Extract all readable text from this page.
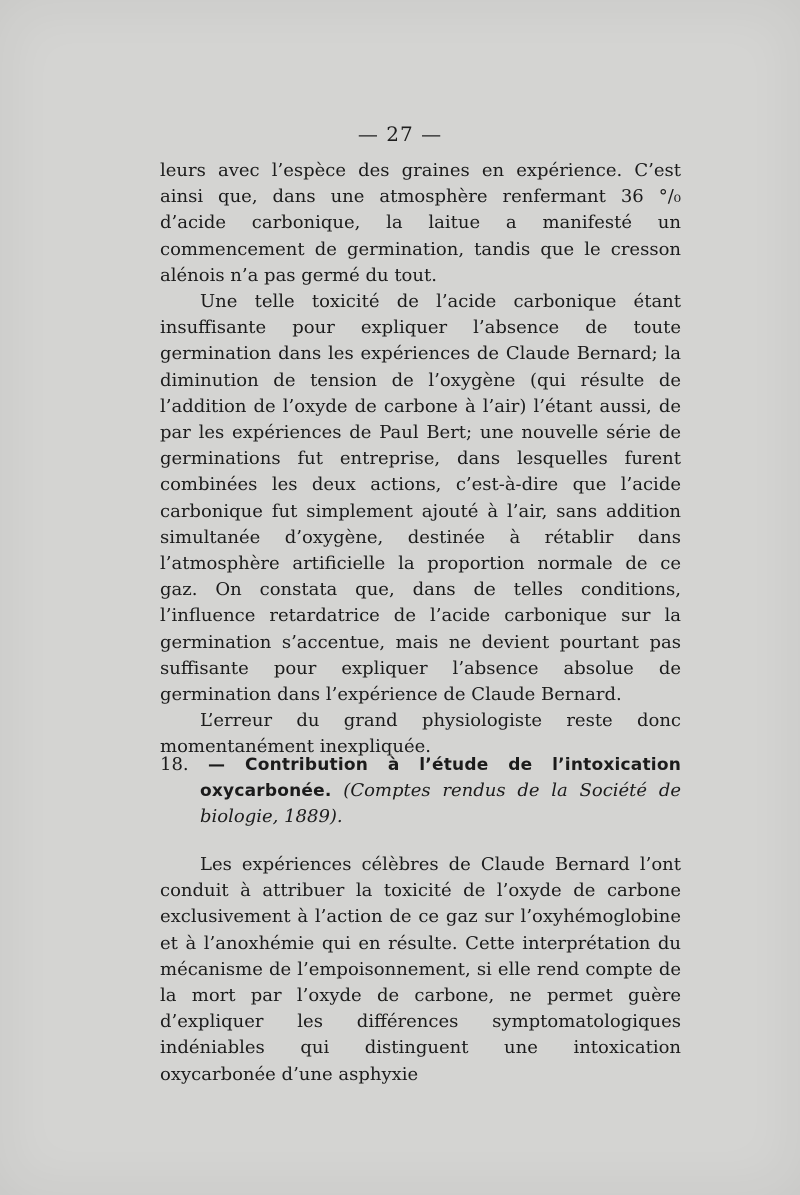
— 27 —

leurs avec l’espèce des graines en expérience. C’est ainsi que, dans une atmosphère renfermant 36 °/₀ d’acide carbonique, la laitue a manifesté un commencement de germination, tandis que le cresson alénois n’a pas germé du tout.

Une telle toxicité de l’acide carbonique étant insuffisante pour expliquer l’absence de toute germination dans les expériences de Claude Bernard; la diminution de tension de l’oxygène (qui résulte de l’addition de l’oxyde de carbone à l’air) l’étant aussi, de par les expériences de Paul Bert; une nouvelle série de germinations fut entreprise, dans lesquelles furent combinées les deux actions, c’est-à-dire que l’acide carbonique fut simplement ajouté à l’air, sans addition simultanée d’oxygène, destinée à rétablir dans l’atmosphère artificielle la proportion normale de ce gaz. On constata que, dans de telles conditions, l’influence retardatrice de l’acide carbonique sur la germination s’accentue, mais ne devient pourtant pas suffisante pour expliquer l’absence absolue de germination dans l’expérience de Claude Bernard.

L’erreur du grand physiologiste reste donc momentanément inexpliquée.

18. — Contribution à l’étude de l’intoxication oxycarbonée. (Comptes rendus de la Société de biologie, 1889).

Les expériences célèbres de Claude Bernard l’ont conduit à attribuer la toxicité de l’oxyde de carbone exclusivement à l’action de ce gaz sur l’oxyhémoglobine et à l’anoxhémie qui en résulte. Cette interprétation du mécanisme de l’empoisonnement, si elle rend compte de la mort par l’oxyde de carbone, ne permet guère d’expliquer les différences symptomatologiques indéniables qui distinguent une intoxication oxycarbonée d’une asphyxie
